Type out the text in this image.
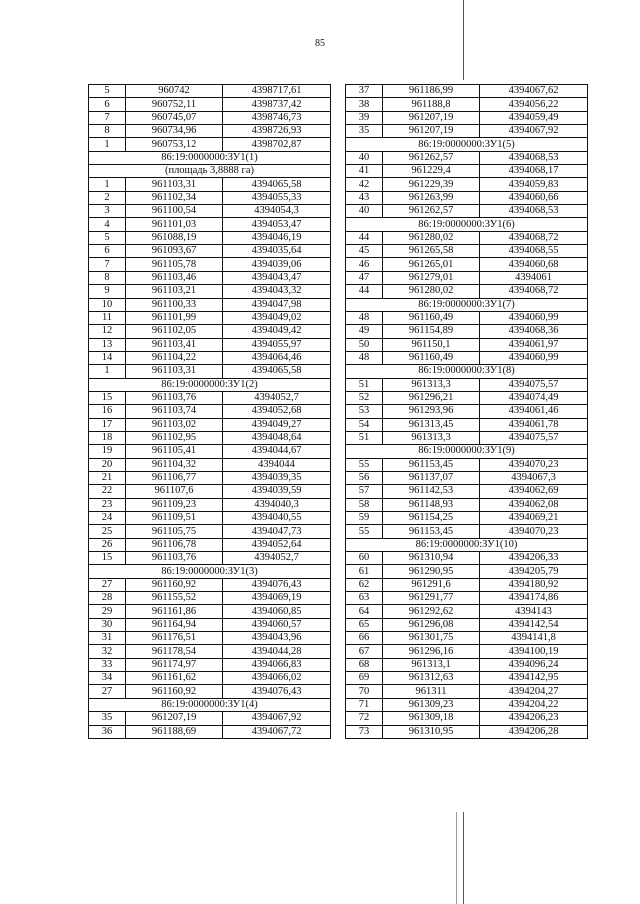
85
5	960742	4398717,61
6	960752,11	4398737,42
7	960745,07	4398746,73
8	960734,96	4398726,93
1	960753,12	4398702,87
86:19:0000000:ЗУ1(1)		
(площадь 3,8888 га)		
1	961103,31	4394065,58
2	961102,34	4394055,33
3	961100,54	4394054,3
4	961101,03	4394053,47
5	961088,19	4394046,19
6	961093,67	4394035,64
7	961105,78	4394039,06
8	961103,46	4394043,47
9	961103,21	4394043,32
10	961100,33	4394047,98
11	961101,99	4394049,02
12	961102,05	4394049,42
13	961103,41	4394055,97
14	961104,22	4394064,46
1	961103,31	4394065,58
86:19:0000000:ЗУ1(2)		
15	961103,76	4394052,7
16	961103,74	4394052,68
17	961103,02	4394049,27
18	961102,95	4394048,64
19	961105,41	4394044,67
20	961104,32	4394044
21	961106,77	4394039,35
22	961107,6	4394039,59
23	961109,23	4394040,3
24	961109,51	4394040,55
25	961105,75	4394047,73
26	961106,78	4394052,64
15	961103,76	4394052,7
86:19:0000000:ЗУ1(3)		
27	961160,92	4394076,43
28	961155,52	4394069,19
29	961161,86	4394060,85
30	961164,94	4394060,57
31	961176,51	4394043,96
32	961178,54	4394044,28
33	961174,97	4394066,83
34	961161,62	4394066,02
27	961160,92	4394076,43
86:19:0000000:ЗУ1(4)		
35	961207,19	4394067,92
36	961188,69	4394067,72
37	961186,99	4394067,62
38	961188,8	4394056,22
39	961207,19	4394059,49
35	961207,19	4394067,92
86:19:0000000:ЗУ1(5)		
40	961262,57	4394068,53
41	961229,4	4394068,17
42	961229,39	4394059,83
43	961263,99	4394060,66
40	961262,57	4394068,53
86:19:0000000:ЗУ1(6)		
44	961280,02	4394068,72
45	961265,58	4394068,55
46	961265,01	4394060,68
47	961279,01	4394061
44	961280,02	4394068,72
86:19:0000000:ЗУ1(7)		
48	961160,49	4394060,99
49	961154,89	4394068,36
50	961150,1	4394061,97
48	961160,49	4394060,99
86:19:0000000:ЗУ1(8)		
51	961313,3	4394075,57
52	961296,21	4394074,49
53	961293,96	4394061,46
54	961313,45	4394061,78
51	961313,3	4394075,57
86:19:0000000:ЗУ1(9)		
55	961153,45	4394070,23
56	961137,07	4394067,3
57	961142,53	4394062,69
58	961148,93	4394062,08
59	961154,25	4394069,21
55	961153,45	4394070,23
86:19:0000000:ЗУ1(10)		
60	961310,94	4394206,33
61	961290,95	4394205,79
62	961291,6	4394180,92
63	961291,77	4394174,86
64	961292,62	4394143
65	961296,08	4394142,54
66	961301,75	4394141,8
67	961296,16	4394100,19
68	961313,1	4394096,24
69	961312,63	4394142,95
70	961311	4394204,27
71	961309,23	4394204,22
72	961309,18	4394206,23
73	961310,95	4394206,28
